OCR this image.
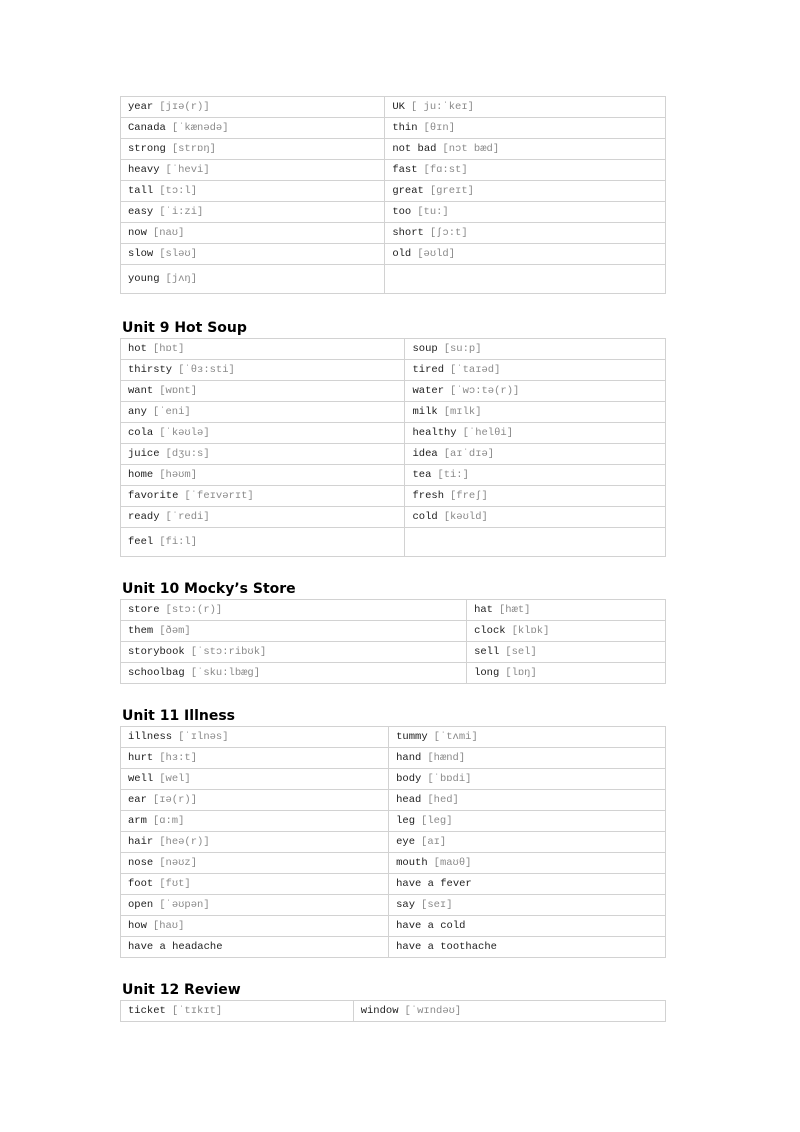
year [jɪə(r)]	UK [ ju:ˈkeɪ]
Canada [ˈkænədə]	thin [θɪn]
strong [strɒŋ]	not bad [nɔt bæd]
heavy [ˈhevi]	fast [fɑ:st]
tall [tɔ:l]	great [greɪt]
easy [ˈi:zi]	too [tu:]
now [naʊ]	short [ʃɔ:t]
slow [sləʊ]	old [əʊld]
young [jʌŋ]	
Unit 9 Hot Soup
hot [hɒt]	soup [su:p]
thirsty [ˈθɜ:sti]	tired [ˈtaɪəd]
want [wɒnt]	water [ˈwɔ:tə(r)]
any [ˈeni]	milk [mɪlk]
cola [ˈkəʊlə]	healthy [ˈhelθi]
juice [dʒu:s]	idea [aɪˈdɪə]
home [həʊm]	tea [ti:]
favorite [ˈfeɪvərɪt]	fresh [freʃ]
ready [ˈredi]	cold [kəʊld]
feel [fi:l]	
Unit 10 Mocky’s Store
store [stɔ:(r)]	hat [hæt]
them [ðəm]	clock [klɒk]
storybook [ˈstɔ:ribʊk]	sell [sel]
schoolbag [ˈsku:lbæg]	long [lɒŋ]
Unit 11 Illness
illness [ˈɪlnəs]	tummy [ˈtʌmi]
hurt [hɜ:t]	hand [hænd]
well [wel]	body [ˈbɒdi]
ear [ɪə(r)]	head [hed]
arm [ɑ:m]	leg [leg]
hair [heə(r)]	eye [aɪ]
nose [nəʊz]	mouth [maʊθ]
foot [fʊt]	have a fever
open [ˈəʊpən]	say [seɪ]
how [haʊ]	have a cold
have a headache	have a toothache
Unit 12 Review
ticket [ˈtɪkɪt]	window [ˈwɪndəʊ]
